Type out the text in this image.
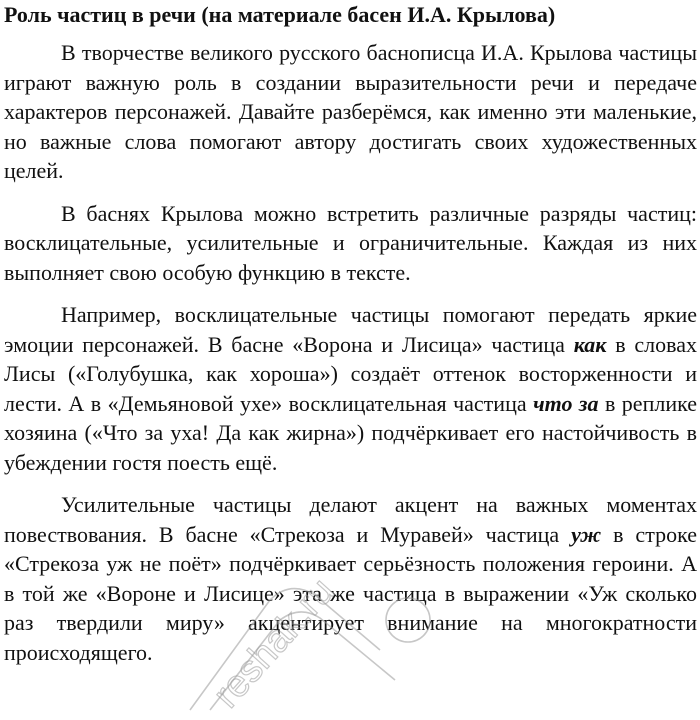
Роль частиц в речи (на материале басен И.А. Крылова)

В творчестве великого русского баснописца И.А. Крылова частицы играют важную роль в создании выразительности речи и передаче характеров персонажей. Давайте разберёмся, как именно эти маленькие, но важные слова помогают автору достигать своих художественных целей.

В баснях Крылова можно встретить различные разряды частиц: восклицательные, усилительные и ограничительные. Каждая из них выполняет свою особую функцию в тексте.

Например, восклицательные частицы помогают передать яркие эмоции персонажей. В басне «Ворона и Лисица» частица как в словах Лисы («Голубушка, как хороша») создаёт оттенок восторженности и лести. А в «Демьяновой ухе» восклицательная частица что за в реплике хозяина («Что за уха! Да как жирна») подчёркивает его настойчивость в убеждении гостя поесть ещё.

Усилительные частицы делают акцент на важных моментах повествования. В басне «Стрекоза и Муравей» частица уж в строке «Стрекоза уж не поёт» подчёркивает серьёзность положения героини. А в той же «Вороне и Лисице» эта же частица в выражении «Уж сколько раз твердили миру» акцентирует внимание на многократности происходящего.	reshak.ru
